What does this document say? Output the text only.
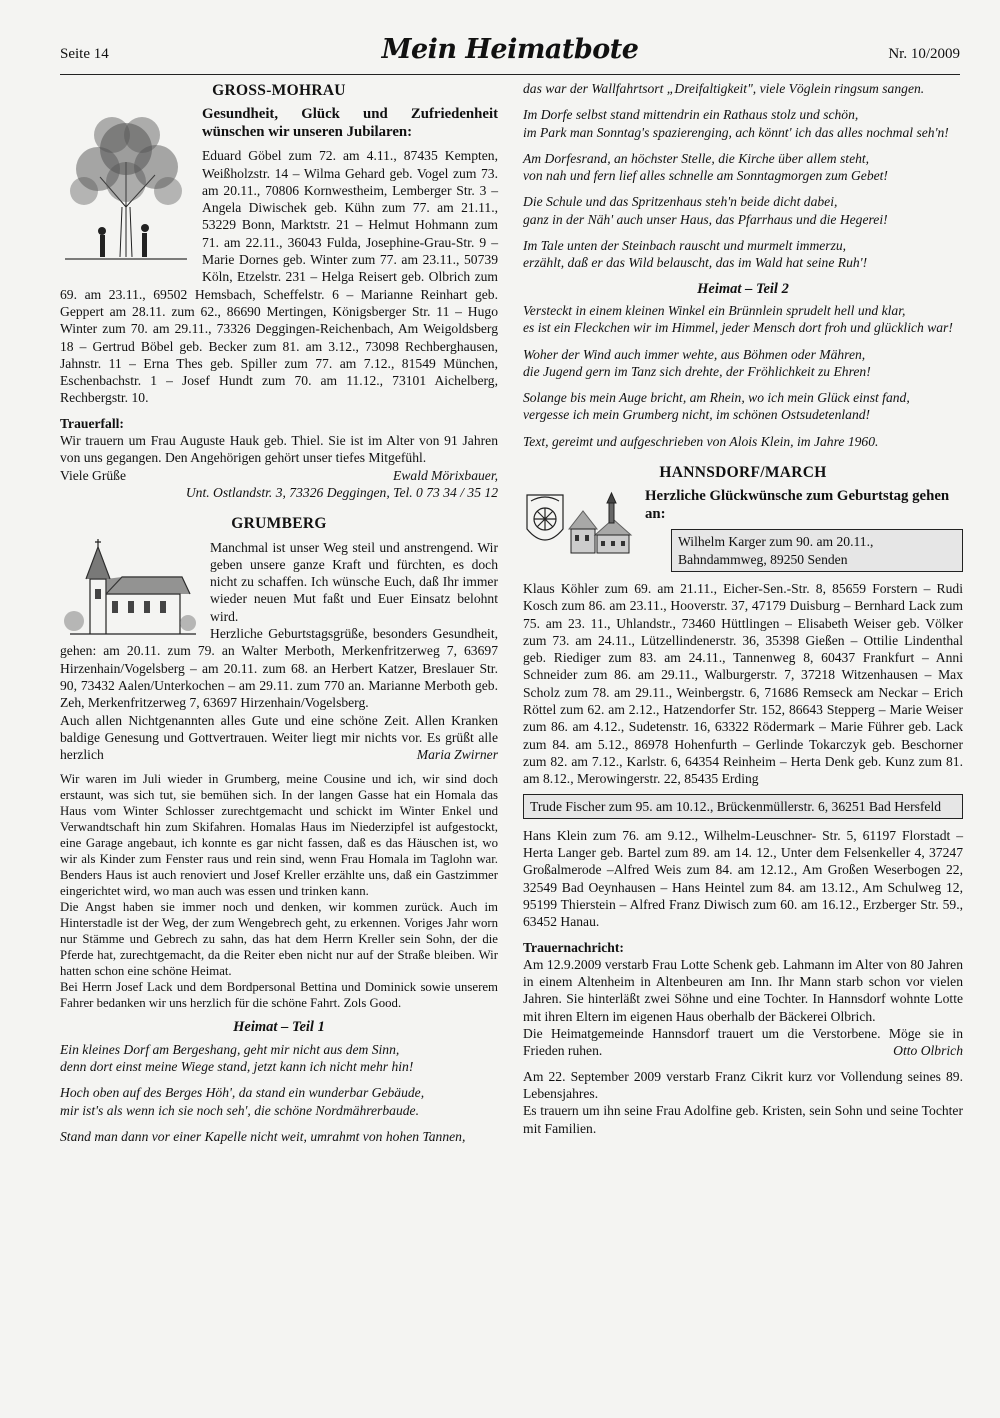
Seite 14	Mein Heimatbote	Nr. 10/2009
GROSS-MOHRAU

Gesundheit, Glück und Zufriedenheit wünschen wir unseren Jubilaren:

Eduard Göbel zum 72. am 4.11., 87435 Kempten, Weißholzstr. 14 – Wilma Gehard geb. Vogel zum 73. am 20.11., 70806 Kornwestheim, Lemberger Str. 3 – Angela Diwischek geb. Kühn zum 77. am 21.11., 53229 Bonn, Marktstr. 21 – Helmut Hohmann zum 71. am 22.11., 36043 Fulda, Josephine-Grau-Str. 9 – Marie Dornes geb. Winter zum 77. am 23.11., 50739 Köln, Etzelstr. 231 – Helga Reisert geb. Olbrich zum 69. am 23.11., 69502 Hemsbach, Scheffelstr. 6 – Marianne Reinhart geb. Geppert am 28.11. zum 62., 86690 Mertingen, Königsberger Str. 11 – Hugo Winter zum 70. am 29.11., 73326 Deggingen-Reichenbach, Am Weigoldsberg 18 – Gertrud Böbel geb. Becker zum 81. am 3.12., 73098 Rechberghausen, Jahnstr. 11 – Erna Thes geb. Spiller zum 77. am 7.12., 81549 München, Eschenbachstr. 1 – Josef Hundt zum 70. am 11.12., 73101 Aichelberg, Rechbergstr. 10.

Trauerfall:

Wir trauern um Frau Auguste Hauk geb. Thiel. Sie ist im Alter von 91 Jahren von uns gegangen. Den Angehörigen gehört unser tiefes Mitgefühl.

Viele Grüße	Ewald Mörixbauer,
Unt. Ostlandstr. 3, 73326 Deggingen, Tel. 0 73 34 / 35 12
GRUMBERG

Manchmal ist unser Weg steil und anstrengend. Wir geben unsere ganze Kraft und fürchten, es doch nicht zu schaffen. Ich wünsche Euch, daß Ihr immer wieder neuen Mut faßt und Euer Einsatz belohnt wird.

Herzliche Geburtstagsgrüße, besonders Gesundheit, gehen: am 20.11. zum 79. an Walter Merboth, Merkenfritzerweg 7, 63697 Hirzenhain/Vogelsberg – am 20.11. zum 68. an Herbert Katzer, Breslauer Str. 90, 73432 Aalen/Unterkochen – am 29.11. zum 770 an. Marianne Merboth geb. Zeh, Merkenfritzerweg 7, 63697 Hirzenhain/Vogelsberg.

Auch allen Nichtgenannten alles Gute und eine schöne Zeit. Allen Kranken baldige Genesung und Gottvertrauen. Weiter liegt mir nichts vor. Es grüßt alle herzlich	Maria Zwirner

Wir waren im Juli wieder in Grumberg, meine Cousine und ich, wir sind doch erstaunt, was sich tut, sie bemühen sich. In der langen Gasse hat ein Homala das Haus vom Winter Schlosser zurechtgemacht und schickt im Winter Enkel und Verwandtschaft hin zum Skifahren. Homalas Haus im Niederzipfel ist aufgestockt, eine Garage angebaut, ich konnte es gar nicht fassen, daß es das Häuschen ist, wo wir als Kinder zum Fenster raus und rein sind, wenn Frau Homala im Taglohn war. Benders Haus ist auch renoviert und Josef Kreller erzählte uns, daß ein Gastzimmer eingerichtet wird, wo man auch was essen und trinken kann.

Die Angst haben sie immer noch und denken, wir kommen zurück. Auch im Hinterstadle ist der Weg, der zum Wengebrech geht, zu erkennen. Voriges Jahr worn nur Stämme und Gebrech zu sahn, das hat dem Herrn Kreller sein Sohn, der die Pferde hat, zurechtgemacht, da die Reiter eben nicht nur auf der Straße bleiben. Wir hatten schon eine schöne Heimat.

Bei Herrn Josef Lack und dem Bordpersonal Bettina und Dominick sowie unserem Fahrer bedanken wir uns herzlich für die schöne Fahrt. Zols Good.

Heimat – Teil 1
Ein kleines Dorf am Bergeshang, geht mir nicht aus dem Sinn,
denn dort einst meine Wiege stand, jetzt kann ich nicht mehr hin!
Hoch oben auf des Berges Höh', da stand ein wunderbar Gebäude,
mir ist's als wenn ich sie noch seh', die schöne Nordmährerbaude.
Stand man dann vor einer Kapelle nicht weit, umrahmt von hohen Tannen,
das war der Wallfahrtsort „Dreifaltigkeit", viele Vöglein ringsum sangen.
Im Dorfe selbst stand mittendrin ein Rathaus stolz und schön,
im Park man Sonntag's spazierenging, ach könnt' ich das alles nochmal seh'n!
Am Dorfesrand, an höchster Stelle, die Kirche über allem steht,
von nah und fern lief alles schnelle am Sonntagmorgen zum Gebet!
Die Schule und das Spritzenhaus steh'n beide dicht dabei,
ganz in der Näh' auch unser Haus, das Pfarrhaus und die Hegerei!
Im Tale unten der Steinbach rauscht und murmelt immerzu,
erzählt, daß er das Wild belauscht, das im Wald hat seine Ruh'!
Heimat – Teil 2
Versteckt in einem kleinen Winkel ein Brünnlein sprudelt hell und klar,
es ist ein Fleckchen wir im Himmel, jeder Mensch dort froh und glücklich war!
Woher der Wind auch immer wehte, aus Böhmen oder Mähren,
die Jugend gern im Tanz sich drehte, der Fröhlichkeit zu Ehren!
Solange bis mein Auge bricht, am Rhein, wo ich mein Glück einst fand,
vergesse ich mein Grumberg nicht, im schönen Ostsudetenland!
Text, gereimt und aufgeschrieben von Alois Klein, im Jahre 1960.
HANNSDORF/MARCH

Herzliche Glückwünsche zum Geburtstag gehen an:

Wilhelm Karger zum 90. am 20.11., Bahndammweg, 89250 Senden

Klaus Köhler zum 69. am 21.11., Eicher-Sen.-Str. 8, 85659 Forstern – Rudi Kosch zum 86. am 23.11., Hooverstr. 37, 47179 Duisburg – Bernhard Lack zum 75. am 23. 11., Uhlandstr., 73460 Hüttlingen – Elisabeth Weiser geb. Völker zum 73. am 24.11., Lützellindenerstr. 36, 35398 Gießen – Ottilie Lindenthal geb. Riediger zum 83. am 24.11., Tannenweg 8, 60437 Frankfurt – Anni Schneider zum 86. am 29.11., Walburgerstr. 7, 37218 Witzenhausen – Max Scholz zum 78. am 29.11., Weinbergstr. 6, 71686 Remseck am Neckar – Erich Röttel zum 62. am 2.12., Hatzendorfer Str. 152, 86643 Stepperg – Marie Weiser zum 86. am 4.12., Sudetenstr. 16, 63322 Rödermark – Marie Führer geb. Lack zum 84. am 5.12., 86978 Hohenfurth – Gerlinde Tokarczyk geb. Beschorner zum 82. am 7.12., Karlstr. 6, 64354 Reinheim – Herta Denk geb. Kunz zum 81. am 8.12., Merowingerstr. 22, 85435 Erding

Trude Fischer zum 95. am 10.12., Brückenmüllerstr. 6, 36251 Bad Hersfeld

Hans Klein zum 76. am 9.12., Wilhelm-Leuschner- Str. 5, 61197 Florstadt – Herta Langer geb. Bartel zum 89. am 14. 12., Unter dem Felsenkeller 4, 37247 Großalmerode –Alfred Weis zum 84. am 12.12., Am Großen Weserbogen 22, 32549 Bad Oeynhausen – Hans Heintel zum 84. am 13.12., Am Schulweg 12, 95199 Thierstein – Alfred Franz Diwisch zum 60. am 16.12., Erzberger Str. 59., 63452 Hanau.

Trauernachricht:

Am 12.9.2009 verstarb Frau Lotte Schenk geb. Lahmann im Alter von 80 Jahren in einem Altenheim in Altenbeuren am Inn. Ihr Mann starb schon vor vielen Jahren. Sie hinterläßt zwei Söhne und eine Tochter. In Hannsdorf wohnte Lotte mit ihren Eltern im eigenen Haus oberhalb der Bäckerei Olbrich.

Die Heimatgemeinde Hannsdorf trauert um die Verstorbene. Möge sie in Frieden ruhen.	Otto Olbrich

Am 22. September 2009 verstarb Franz Cikrit kurz vor Vollendung seines 89. Lebensjahres.

Es trauern um ihn seine Frau Adolfine geb. Kristen, sein Sohn und seine Tochter mit Familien.
